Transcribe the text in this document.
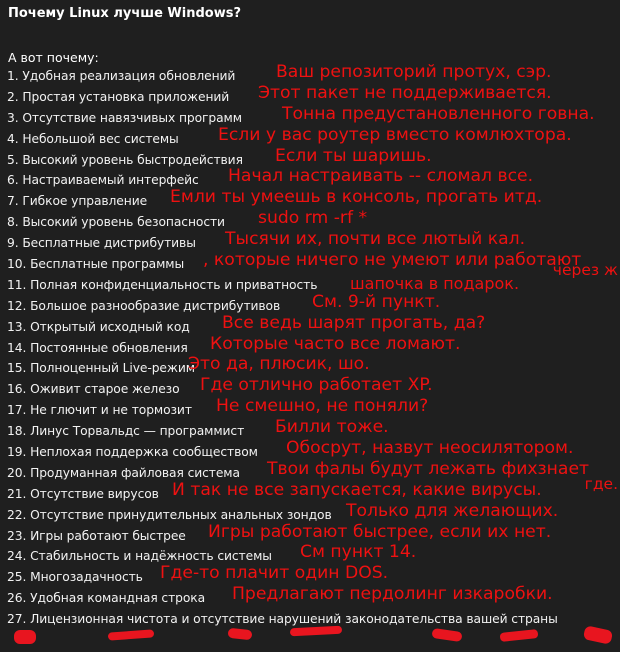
Почему Linux лучше Windows?
А вот почему:
1. Удобная реализация обновлений Ваш репозиторий протух, сэр.
2. Простая установка приложений Этот пакет не поддерживается.
3. Отсутствие навязчивых программ Тонна предустановленного говна.
4. Небольшой вес системы Если у вас роутер вместо комлюхтора.
5. Высокий уровень быстродействия Если ты шаришь.
6. Настраиваемый интерфейс Начал настраивать -- сломал все.
7. Гибкое управление Емли ты умеешь в консоль, прогать итд.
8. Высокий уровень безопасности sudo rm -rf *
9. Бесплатные дистрибутивы Тысячи их, почти все лютый кал.
10. Бесплатные программы , которые ничего не умеют или работают
11. Полная конфиденциальность и приватность шапочка в подарок.
через ж
12. Большое разнообразие дистрибутивов См. 9-й пункт.
13. Открытый исходный код Все ведь шарят прогать, да?
14. Постоянные обновления Которые часто все ломают.
15. Полноценный Live-режим
Это да, плюсик, шо.
16. Оживит старое железо Где отлично работает XP.
17. Не глючит и не тормозит Не смешно, не поняли?
18. Линус Торвальдс — программист Билли тоже.
19. Неплохая поддержка сообществом Обосрут, назвут неосилятором.
20. Продуманная файловая система Твои фалы будут лежать фихзнает
21. Отсутствие вирусов И так не все запускается, какие вирусы.	где.
22. Отсутствие принудительных анальных зондов Только для желающих.
23. Игры работают быстрее Игры работают быстрее, если их нет.
24. Стабильность и надёжность системы См пункт 14.
25. Многозадачность Где-то плачит один DOS.
26. Удобная командная строка Предлагают пердолинг изкаробки.
27. Лицензионная чистота и отсутствие нарушений законодательства вашей страны
